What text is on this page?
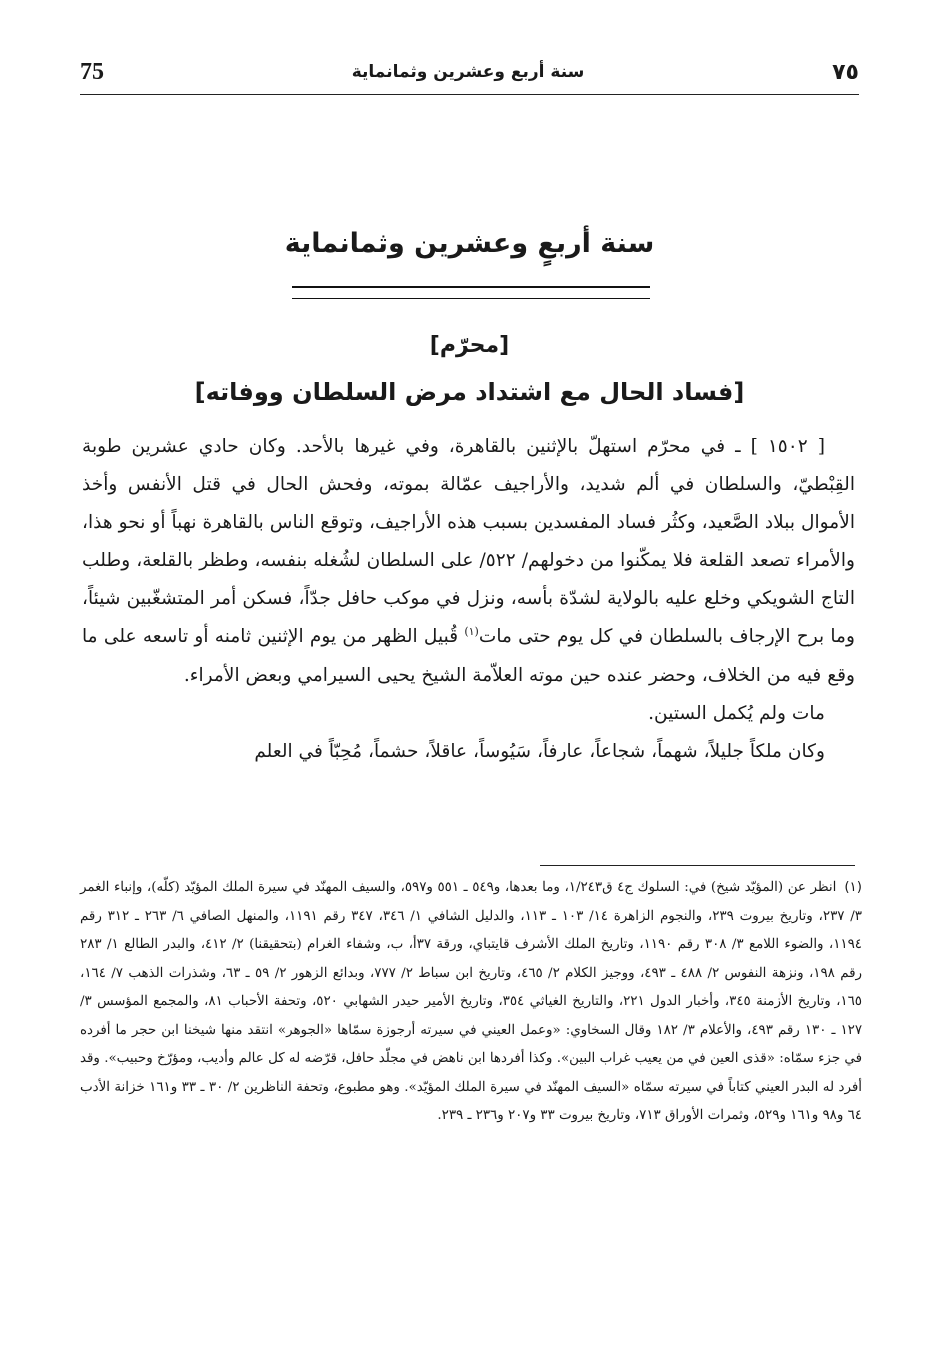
75	سنة أربع وعشرين وثمانماية	٧٥
سنة أربعٍ وعشرين وثمانماية
[محرّم]
[فساد الحال مع اشتداد مرض السلطان ووفاته]

[ ١٥٠٢ ] ـ في محرّم استهلّ بالإثنين بالقاهرة، وفي غيرها بالأحد. وكان حادي عشرين طوبة القِبْطيّ، والسلطان في ألم شديد، والأراجيف عمّالة بموته، وفحش الحال في قتل الأنفس وأخذ الأموال ببلاد الصَّعيد، وكثُر فساد المفسدين بسبب هذه الأراجيف، وتوقع الناس بالقاهرة نهباً أو نحو هذا، والأمراء تصعد القلعة فلا يمكّنوا من دخولهم/ ٥٢٢/ على السلطان لشُغله بنفسه، وطظر بالقلعة، وطلب التاج الشويكي وخلع عليه بالولاية لشدّة بأسه، ونزل في موكب حافل جدّاً، فسكن أمر المتشغّبين شيئاً، وما برح الإرجاف بالسلطان في كل يوم حتى مات$^{(١)}$ قُبيل الظهر من يوم الإثنين ثامنه أو تاسعه على ما وقع فيه من الخلاف، وحضر عنده حين موته العلاّمة الشيخ يحيى السيرامي وبعض الأمراء.

مات ولم يُكمل الستين.

وكان ملكاً جليلاً، شهماً، شجاعاً، عارفاً، سَيُوساً، عاقلاً، حشماً، مُحِبّاً في العلم

(١)انظر عن (المؤيّد شيخ) في: السلوك ج٤ ق١/٢٤٣، وما بعدها، و٥٤٩ ـ ٥٥١ و٥٩٧، والسيف المهنّد في سيرة الملك المؤيّد (كلّه)، وإنباء الغمر ٣/ ٢٣٧، وتاريخ بيروت ٢٣٩، والنجوم الزاهرة ١٤/ ١٠٣ ـ ١١٣، والدليل الشافي ١/ ٣٤٦، ٣٤٧ رقم ١١٩١، والمنهل الصافي ٦/ ٢٦٣ ـ ٣١٢ رقم ١١٩٤، والضوء اللامع ٣/ ٣٠٨ رقم ١١٩٠، وتاريخ الملك الأشرف قايتباي، ورقة ٣٧أ، ب، وشفاء الغرام (بتحقيقنا) ٢/ ٤١٢، والبدر الطالع ١/ ٢٨٣ رقم ١٩٨، ونزهة النفوس ٢/ ٤٨٨ ـ ٤٩٣، ووجيز الكلام ٢/ ٤٦٥، وتاريخ ابن سباط ٢/ ٧٧٧، وبدائع الزهور ٢/ ٥٩ ـ ٦٣، وشذرات الذهب ٧/ ١٦٤، ١٦٥، وتاريخ الأزمنة ٣٤٥، وأخبار الدول ٢٢١، والتاريخ الغياثي ٣٥٤، وتاريخ الأمير حيدر الشهابي ٥٢٠، وتحفة الأحباب ٨١، والمجمع المؤسس ٣/ ١٢٧ ـ ١٣٠ رقم ٤٩٣، والأعلام ٣/ ١٨٢ وقال السخاوي: «وعمل العيني في سيرته أرجوزة سمّاها «الجوهر» انتقد منها شيخنا ابن حجر ما أفرده في جزء سمّاه: «قذى العين في من يعيب غراب البين». وكذا أفردها ابن ناهض في مجلّد حافل، قرّضه له كل عالم وأديب، ومؤرّخ وحبيب». وقد أفرد له البدر العيني كتاباً في سيرته سمّاه «السيف المهنّد في سيرة الملك المؤيّد». وهو مطبوع، وتحفة الناظرين ٢/ ٣٠ ـ ٣٣ و١٦١ خزانة الأدب ٦٤ و٩٨ و١٦١ و٥٢٩، وثمرات الأوراق ٧١٣، وتاريخ بيروت ٣٣ و٢٠٧ و٢٣٦ ـ ٢٣٩.
